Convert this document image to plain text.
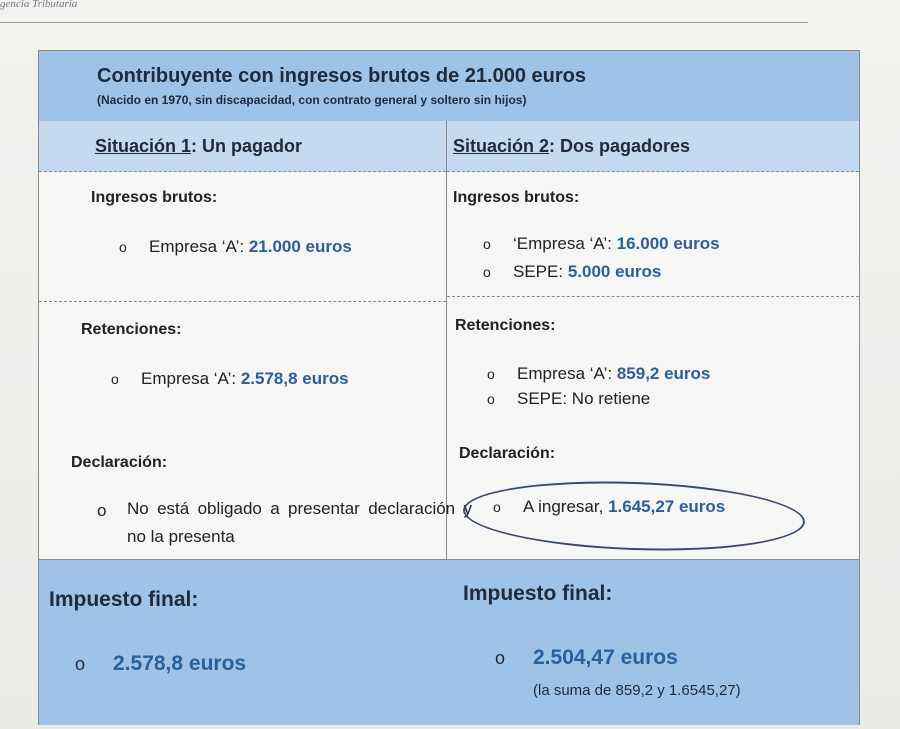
gencia Tributaria
Contribuyente con ingresos brutos de 21.000 euros
(Nacido en 1970, sin discapacidad, con contrato general y soltero sin hijos)
Situación 1: Un pagador	Situación 2: Dos pagadores
Ingresos brutos:
o Empresa ‘A’: 21.000 euros
Retenciones:
o Empresa ‘A’: 2.578,8 euros
Declaración:
o No está obligado a presentar declaración y no la presenta
Ingresos brutos:
o ‘Empresa ‘A’: 16.000 euros
o SEPE: 5.000 euros
Retenciones:
o Empresa ‘A’: 859,2 euros
o SEPE: No retiene
Declaración:
o A ingresar, 1.645,27 euros
Impuesto final:
o 2.578,8 euros
Impuesto final:
o 2.504,47 euros
(la suma de 859,2 y 1.6545,27)
